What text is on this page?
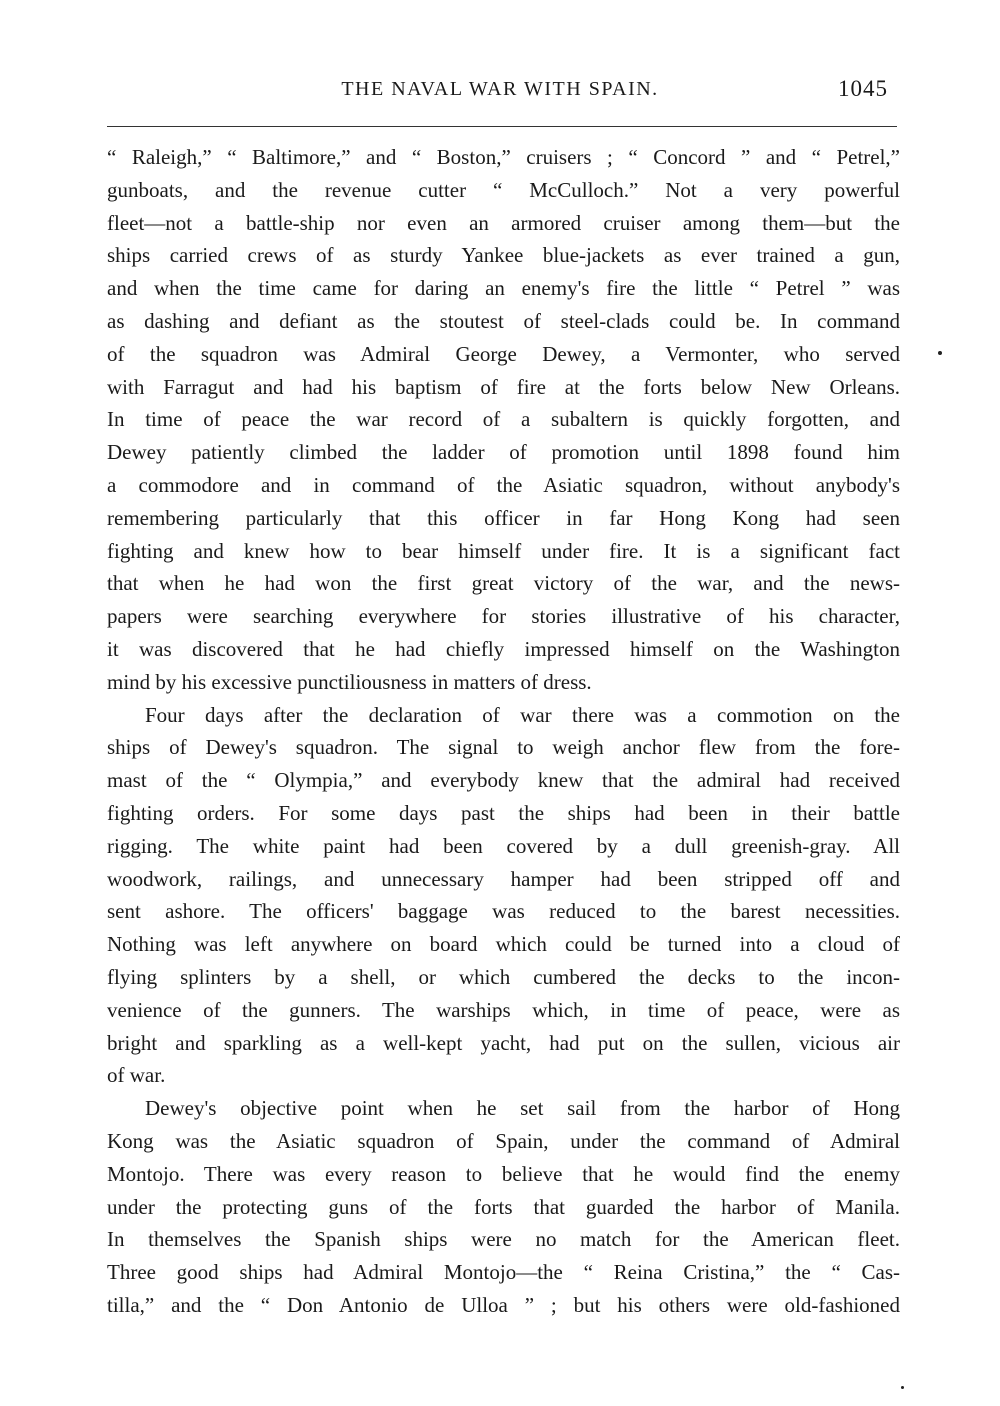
THE NAVAL WAR WITH SPAIN.	1045
“ Raleigh,” “ Baltimore,” and “ Boston,” cruisers ; “ Concord ” and “ Petrel,”
gunboats, and the revenue cutter “ McCulloch.” Not a very powerful
fleet—not a battle-ship nor even an armored cruiser among them—but the
ships carried crews of as sturdy Yankee blue-jackets as ever trained a gun,
and when the time came for daring an enemy's fire the little “ Petrel ” was
as dashing and defiant as the stoutest of steel-clads could be. In command
of the squadron was Admiral George Dewey, a Vermonter, who served
with Farragut and had his baptism of fire at the forts below New Orleans.
In time of peace the war record of a subaltern is quickly forgotten, and
Dewey patiently climbed the ladder of promotion until 1898 found him
a commodore and in command of the Asiatic squadron, without anybody's
remembering particularly that this officer in far Hong Kong had seen
fighting and knew how to bear himself under fire. It is a significant fact
that when he had won the first great victory of the war, and the news-
papers were searching everywhere for stories illustrative of his character,
it was discovered that he had chiefly impressed himself on the Washington
mind by his excessive punctiliousness in matters of dress.
Four days after the declaration of war there was a commotion on the
ships of Dewey's squadron. The signal to weigh anchor flew from the fore-
mast of the “ Olympia,” and everybody knew that the admiral had received
fighting orders. For some days past the ships had been in their battle
rigging. The white paint had been covered by a dull greenish-gray. All
woodwork, railings, and unnecessary hamper had been stripped off and
sent ashore. The officers' baggage was reduced to the barest necessities.
Nothing was left anywhere on board which could be turned into a cloud of
flying splinters by a shell, or which cumbered the decks to the incon-
venience of the gunners. The warships which, in time of peace, were as
bright and sparkling as a well-kept yacht, had put on the sullen, vicious air
of war.
Dewey's objective point when he set sail from the harbor of Hong
Kong was the Asiatic squadron of Spain, under the command of Admiral
Montojo. There was every reason to believe that he would find the enemy
under the protecting guns of the forts that guarded the harbor of Manila.
In themselves the Spanish ships were no match for the American fleet.
Three good ships had Admiral Montojo—the “ Reina Cristina,” the “ Cas-
tilla,” and the “ Don Antonio de Ulloa ” ; but his others were old-fashioned
